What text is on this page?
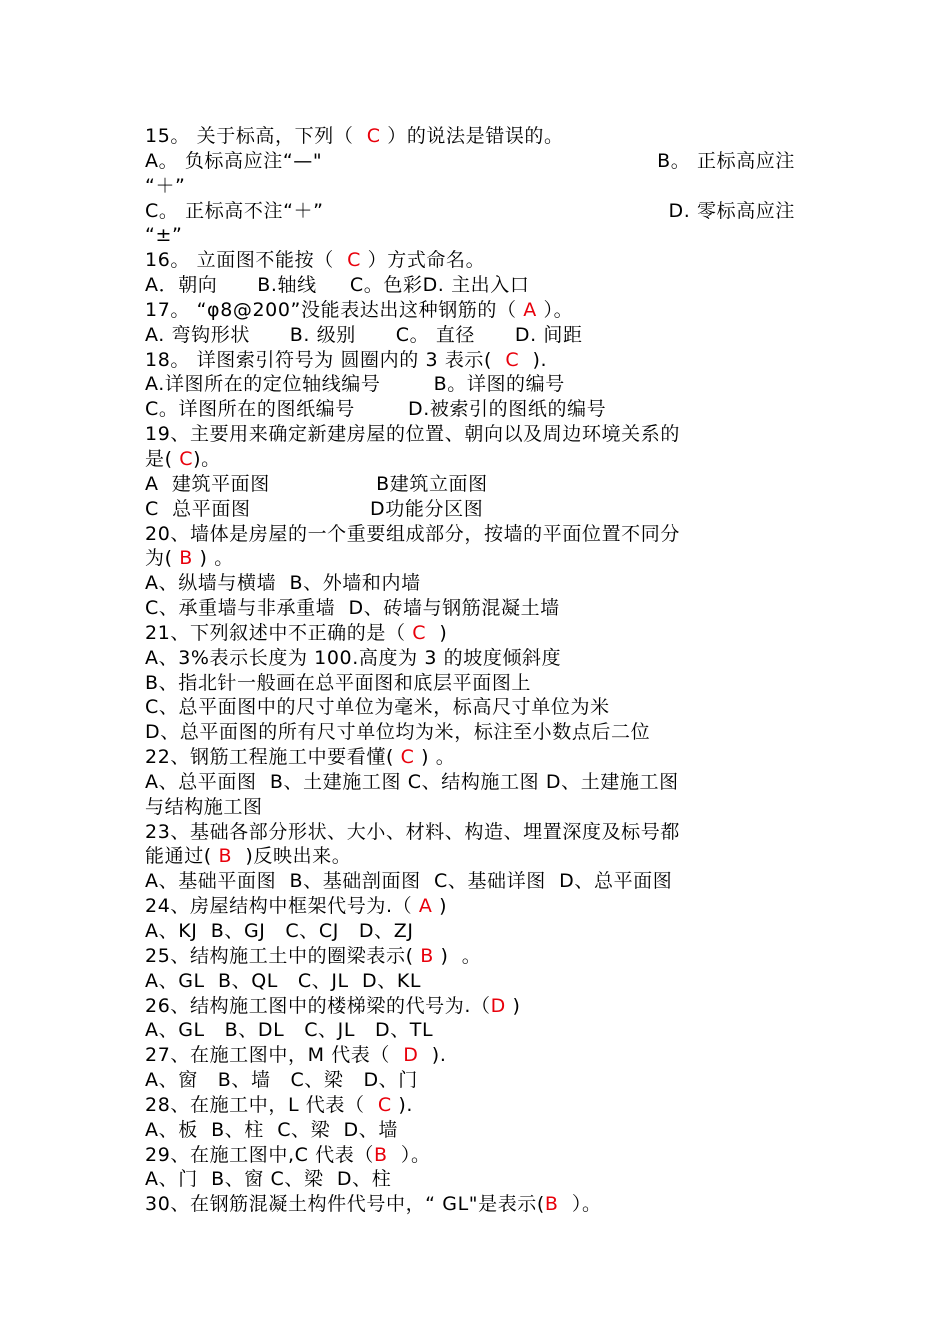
15。 关于标高，下列（  C ）的说法是错误的。
A。 负标高应注“—"	B。 正标高应注
“＋”
C。 正标高不注“＋”	D. 零标高应注
“±”
16。 立面图不能按（  C ）方式命名。
A．朝向      B.轴线     C。色彩D. 主出入口
17。 “φ8@200”没能表达出这种钢筋的（ A ）。
A. 弯钩形状      B. 级别      C。 直径      D. 间距
18。 详图索引符号为 圆圈内的 3 表示(  C  ).
A.详图所在的定位轴线编号        B。详图的编号
C。详图所在的图纸编号        D.被索引的图纸的编号
19、主要用来确定新建房屋的位置、朝向以及周边环境关系的
是( C)。
A  建筑平面图                B建筑立面图
C  总平面图                  D功能分区图
20、墙体是房屋的一个重要组成部分，按墙的平面位置不同分
为( B ) 。
A、纵墙与横墙  B、外墙和内墙
C、承重墙与非承重墙  D、砖墙与钢筋混凝土墙
21、下列叙述中不正确的是（ C  )
A、3%表示长度为 100.高度为 3 的坡度倾斜度
B、指北针一般画在总平面图和底层平面图上
C、总平面图中的尺寸单位为毫米，标高尺寸单位为米
D、总平面图的所有尺寸单位均为米，标注至小数点后二位
22、钢筋工程施工中要看懂( C ) 。
A、总平面图  B、土建施工图 C、结构施工图 D、土建施工图
与结构施工图
23、基础各部分形状、大小、材料、构造、埋置深度及标号都
能通过( B  )反映出来。
A、基础平面图  B、基础剖面图  C、基础详图  D、总平面图
24、房屋结构中框架代号为.（ A )
A、KJ  B、GJ   C、CJ   D、ZJ
25、结构施工土中的圈梁表示( B )  。
A、GL  B、QL   C、JL  D、KL
26、结构施工图中的楼梯梁的代号为.（D )
A、GL   B、DL   C、JL   D、TL
27、在施工图中，M 代表（  D  ).
A、窗   B、墙   C、梁   D、门
28、在施工中，L 代表（  C ).
A、板  B、柱  C、梁  D、墙
29、在施工图中,C 代表（B  ）。
A、门  B、窗 C、梁  D、柱
30、在钢筋混凝土构件代号中，“ GL"是表示(B  ）。
